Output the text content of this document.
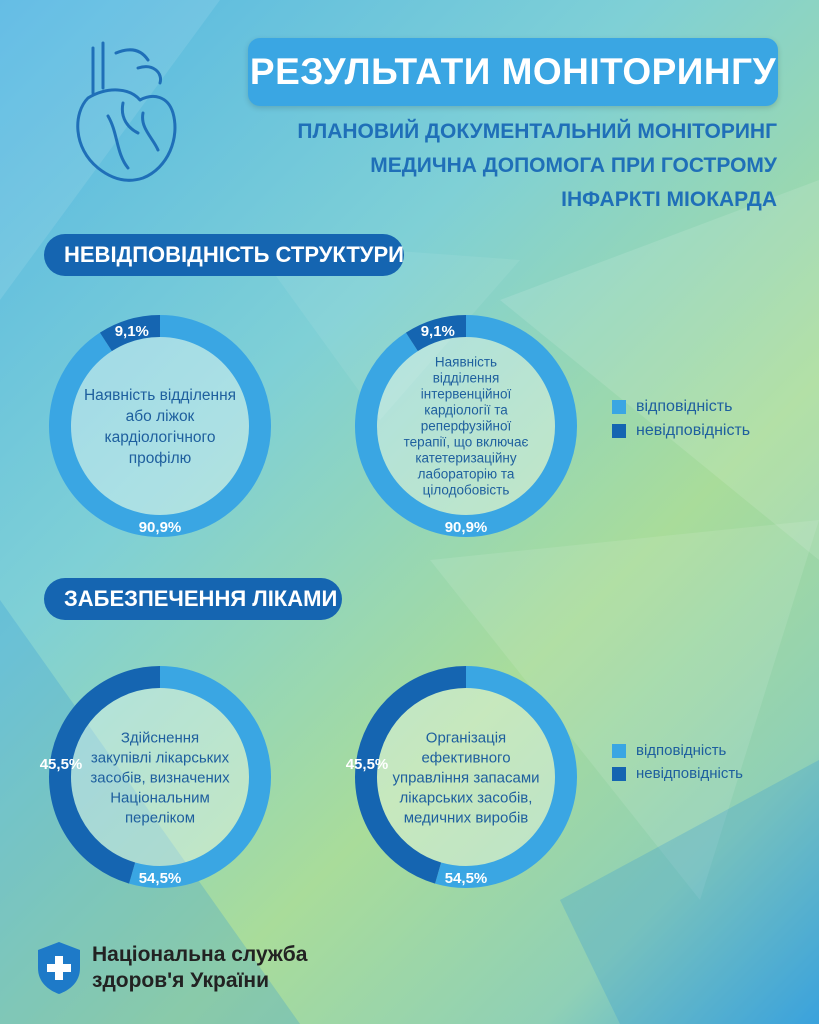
РЕЗУЛЬТАТИ МОНІТОРИНГУ
ПЛАНОВИЙ ДОКУМЕНТАЛЬНИЙ МОНІТОРИНГ
МЕДИЧНА ДОПОМОГА ПРИ ГОСТРОМУ
ІНФАРКТІ МІОКАРДА
НЕВІДПОВІДНІСТЬ СТРУКТУРИ
ЗАБЕЗПЕЧЕННЯ ЛІКАМИ
9,1%
90,9%
Наявність відділення
або ліжок
кардіологічного
профілю
9,1%
90,9%
Наявність
відділення
інтервенційної
кардіології та
реперфузійної
терапії, що включає
катетеризаційну
лабораторію та
цілодобовість
45,5%
54,5%
Здійснення
закупівлі лікарських
засобів, визначених
Національним
переліком
45,5%
54,5%
Організація
ефективного
управління запасами
лікарських засобів,
медичних виробів
відповідність
невідповідність
відповідність
невідповідність
Національна служба
здоров'я України
